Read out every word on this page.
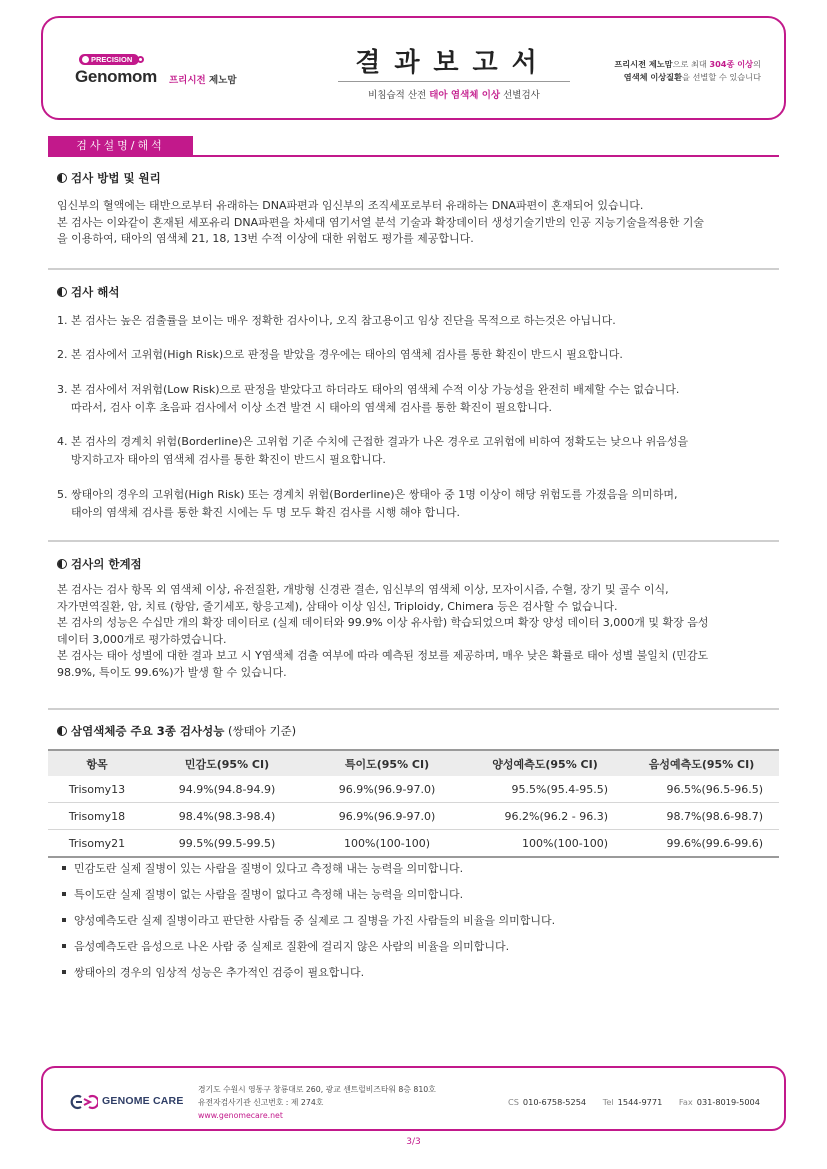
PRECISION
Genomom 프리시전 제노맘
결과보고서
비침습적 산전 태아 염색체 이상 선별검사
프리시전 제노맘으로 최대 304종 이상의
염색체 이상질환을 선별할 수 있습니다
검사설명/해석
검사 방법 및 원리

임신부의 혈액에는 태반으로부터 유래하는 DNA파편과 임신부의 조직세포로부터 유래하는 DNA파편이 혼재되어 있습니다.

본 검사는 이와같이 혼재된 세포유리 DNA파편을 차세대 염기서열 분석 기술과 확장데이터 생성기술기반의 인공 지능기술을적용한 기술

을 이용하여, 태아의 염색체 21, 18, 13번 수적 이상에 대한 위험도 평가를 제공합니다.

검사 해석

1. 본 검사는 높은 검출률을 보이는 매우 정확한 검사이나, 오직 참고용이고 임상 진단을 목적으로 하는것은 아닙니다.

2. 본 검사에서 고위험(High Risk)으로 판정을 받았을 경우에는 태아의 염색체 검사를 통한 확진이 반드시 필요합니다.

3. 본 검사에서 저위험(Low Risk)으로 판정을 받았다고 하더라도 태아의 염색체 수적 이상 가능성을 완전히 배제할 수는 없습니다.

따라서, 검사 이후 초음파 검사에서 이상 소견 발견 시 태아의 염색체 검사를 통한 확진이 필요합니다.

4. 본 검사의 경계치 위험(Borderline)은 고위험 기준 수치에 근접한 결과가 나온 경우로 고위험에 비하여 정확도는 낮으나 위음성을

방지하고자 태아의 염색체 검사를 통한 확진이 반드시 필요합니다.

5. 쌍태아의 경우의 고위험(High Risk) 또는 경계치 위험(Borderline)은 쌍태아 중 1명 이상이 해당 위험도를 가졌음을 의미하며,

태아의 염색체 검사를 통한 확진 시에는 두 명 모두 확진 검사를 시행 해야 합니다.

검사의 한계점

본 검사는 검사 항목 외 염색체 이상, 유전질환, 개방형 신경관 결손, 임신부의 염색체 이상, 모자이시즘, 수혈, 장기 및 골수 이식,

자가면역질환, 암, 치료 (항암, 줄기세포, 항응고제), 삼태아 이상 임신, Triploidy, Chimera 등은 검사할 수 없습니다.

본 검사의 성능은 수십만 개의 확장 데이터로 (실제 데이터와 99.9% 이상 유사함) 학습되었으며 확장 양성 데이터 3,000개 및 확장 음성

데이터 3,000개로 평가하였습니다.

본 검사는 태아 성별에 대한 결과 보고 시 Y염색체 검출 여부에 따라 예측된 정보를 제공하며, 매우 낮은 확률로 태아 성별 불일치 (민감도

98.9%, 특이도 99.6%)가 발생 할 수 있습니다.

삼염색체증 주요 3종 검사성능 (쌍태아 기준)
항목	민감도(95% CI)	특이도(95% CI)	양성예측도(95% CI)	음성예측도(95% CI)
Trisomy13	94.9%(94.8-94.9)	96.9%(96.9-97.0)	95.5%(95.4-95.5)	96.5%(96.5-96.5)
Trisomy18	98.4%(98.3-98.4)	96.9%(96.9-97.0)	96.2%(96.2 - 96.3)	98.7%(98.6-98.7)
Trisomy21	99.5%(99.5-99.5)	100%(100-100)	100%(100-100)	99.6%(99.6-99.6)
민감도란 실제 질병이 있는 사람을 질병이 있다고 측정해 내는 능력을 의미합니다.
특이도란 실제 질병이 없는 사람을 질병이 없다고 측정해 내는 능력을 의미합니다.
양성예측도란 실제 질병이라고 판단한 사람들 중 실제로 그 질병을 가진 사람들의 비율을 의미합니다.
음성예측도란 음성으로 나온 사람 중 실제로 질환에 걸리지 않은 사람의 비율을 의미합니다.
쌍태아의 경우의 임상적 성능은 추가적인 검증이 필요합니다.
GENOME CARE
경기도 수원시 영통구 창룡대로 260, 광교 센트럴비즈타워 8층 810호
유전자검사기관 신고번호 : 제 274호
www.genomecare.net
CS 010-6758-5254 Tel 1544-9771 Fax 031-8019-5004
3/3
